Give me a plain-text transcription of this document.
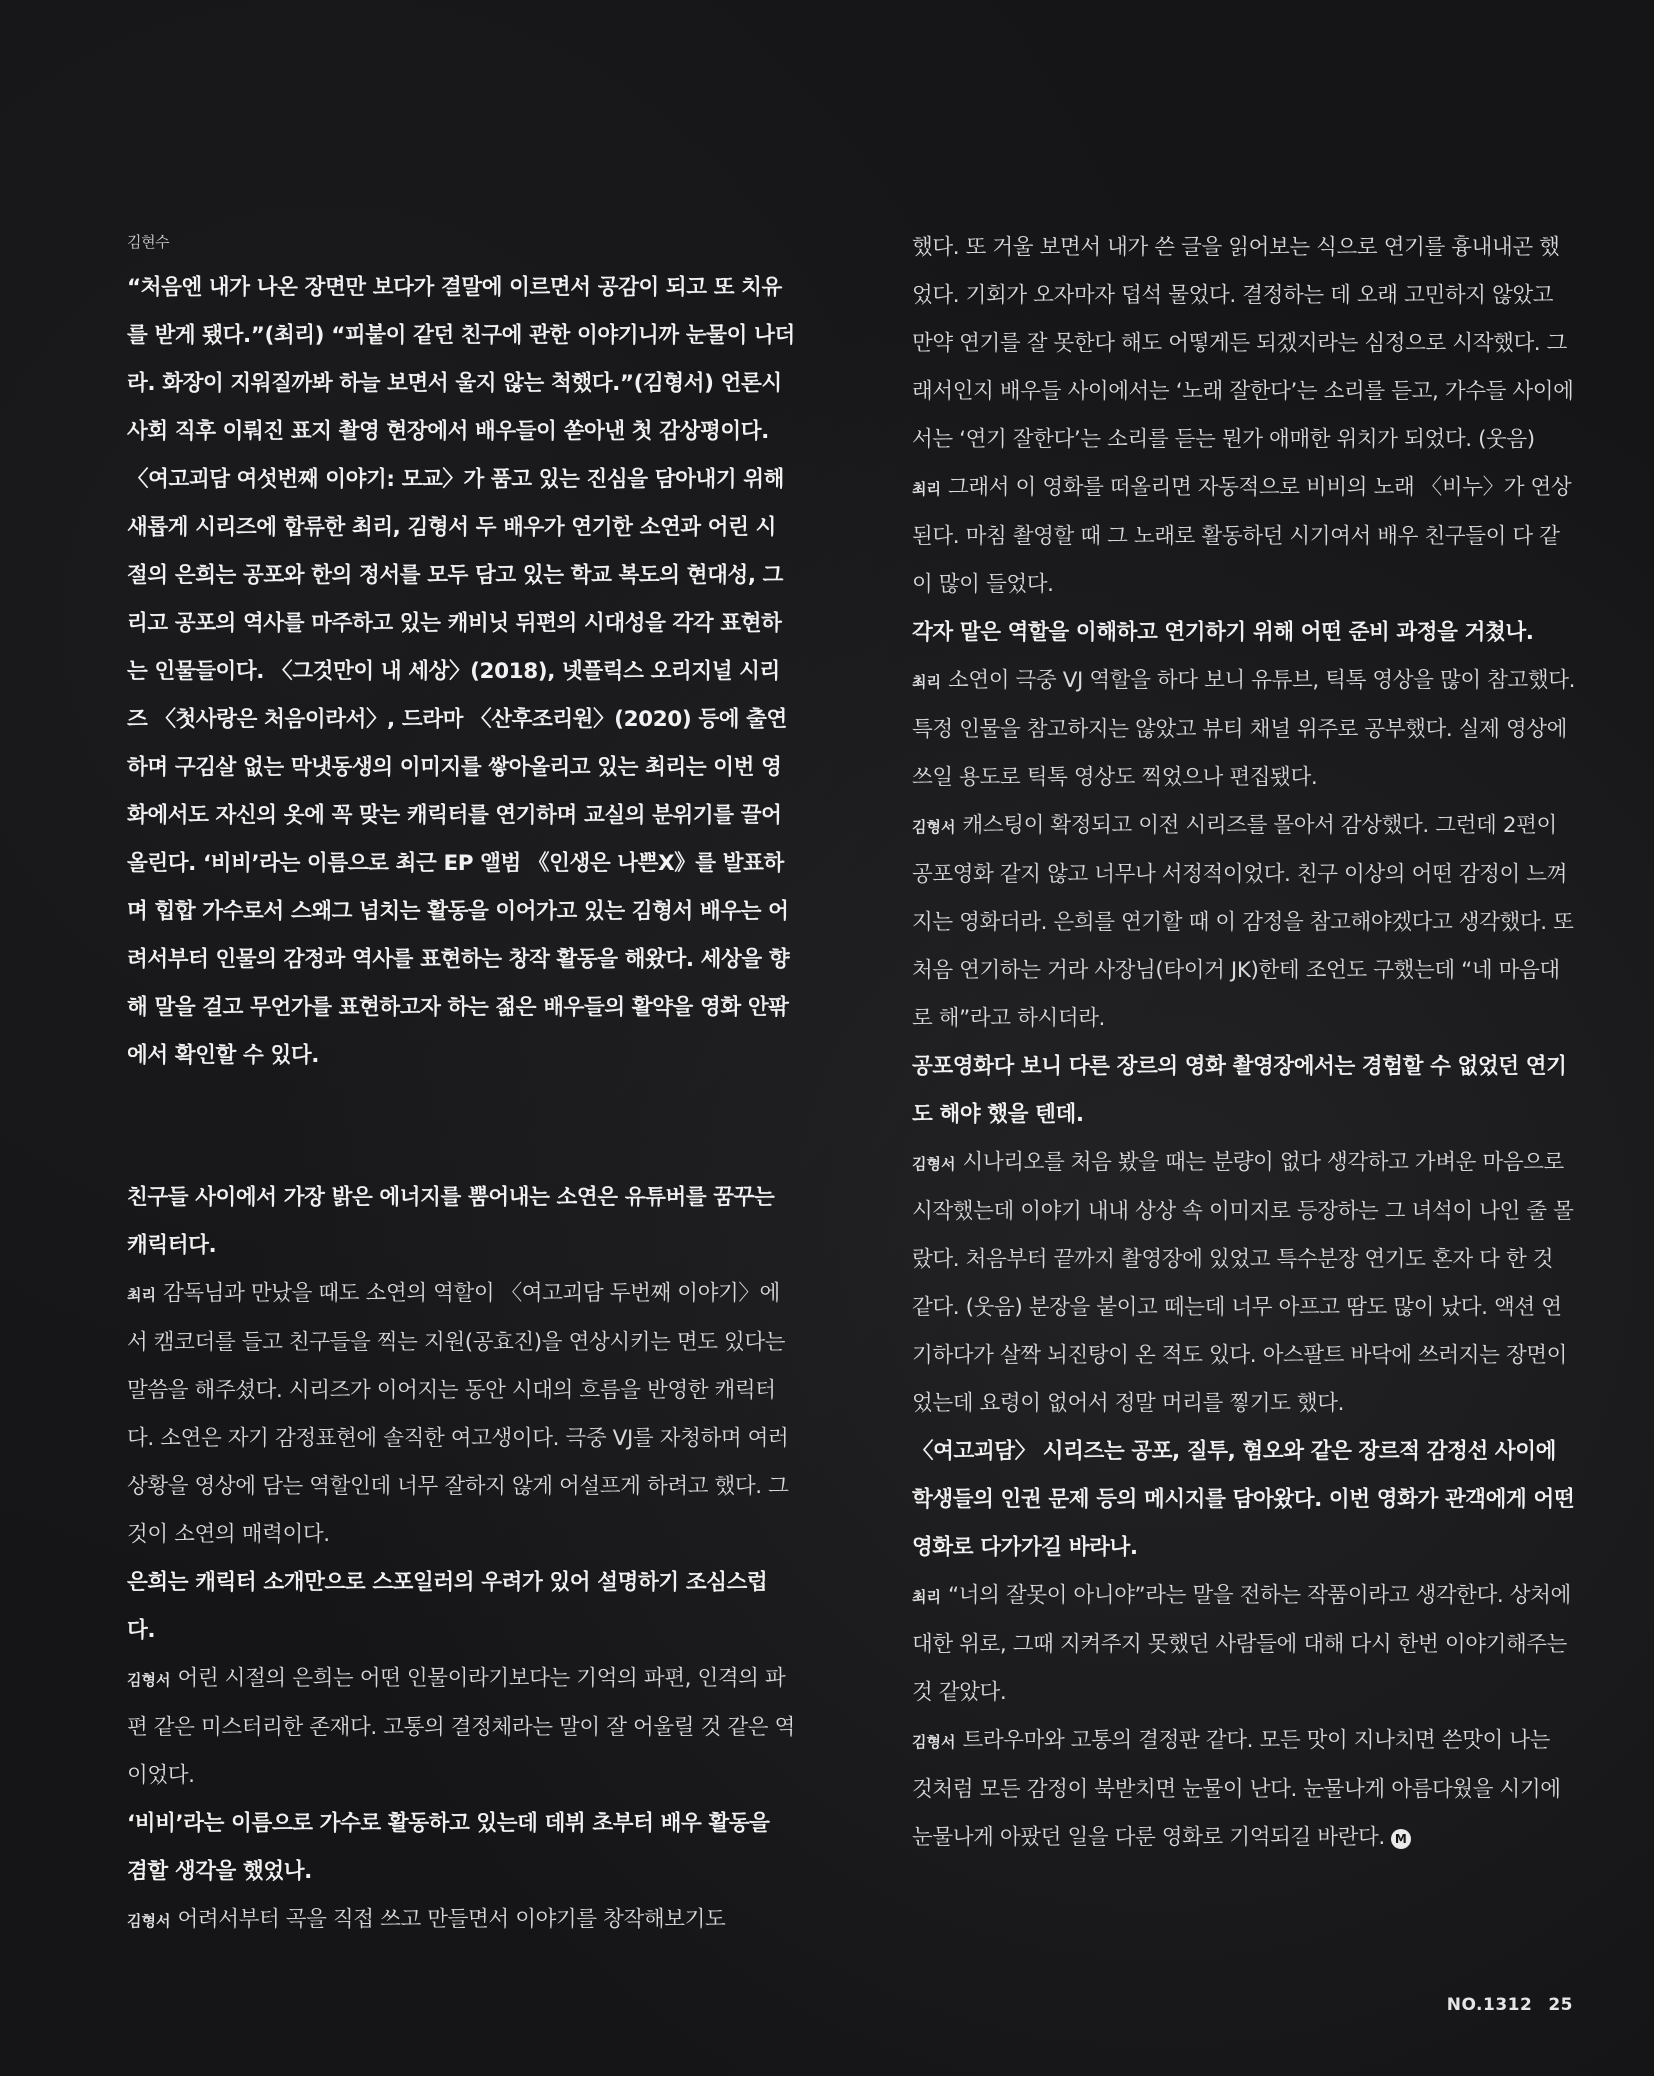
김현수

“처음엔 내가 나온 장면만 보다가 결말에 이르면서 공감이 되고 또 치유를 받게 됐다.”(최리) “피붙이 같던 친구에 관한 이야기니까 눈물이 나더라. 화장이 지워질까봐 하늘 보면서 울지 않는 척했다.”(김형서) 언론시사회 직후 이뤄진 표지 촬영 현장에서 배우들이 쏟아낸 첫 감상평이다. 〈여고괴담 여섯번째 이야기: 모교〉가 품고 있는 진심을 담아내기 위해 새롭게 시리즈에 합류한 최리, 김형서 두 배우가 연기한 소연과 어린 시절의 은희는 공포와 한의 정서를 모두 담고 있는 학교 복도의 현대성, 그리고 공포의 역사를 마주하고 있는 캐비닛 뒤편의 시대성을 각각 표현하는 인물들이다. 〈그것만이 내 세상〉(2018), 넷플릭스 오리지널 시리즈 〈첫사랑은 처음이라서〉, 드라마 〈산후조리원〉(2020) 등에 출연하며 구김살 없는 막냇동생의 이미지를 쌓아올리고 있는 최리는 이번 영화에서도 자신의 옷에 꼭 맞는 캐릭터를 연기하며 교실의 분위기를 끌어올린다. ‘비비’라는 이름으로 최근 EP 앨범 《인생은 나쁜X》를 발표하며 힙합 가수로서 스왜그 넘치는 활동을 이어가고 있는 김형서 배우는 어려서부터 인물의 감정과 역사를 표현하는 창작 활동을 해왔다. 세상을 향해 말을 걸고 무언가를 표현하고자 하는 젊은 배우들의 활약을 영화 안팎에서 확인할 수 있다.

친구들 사이에서 가장 밝은 에너지를 뿜어내는 소연은 유튜버를 꿈꾸는 캐릭터다.

최리 감독님과 만났을 때도 소연의 역할이 〈여고괴담 두번째 이야기〉에서 캠코더를 들고 친구들을 찍는 지원(공효진)을 연상시키는 면도 있다는 말씀을 해주셨다. 시리즈가 이어지는 동안 시대의 흐름을 반영한 캐릭터다. 소연은 자기 감정표현에 솔직한 여고생이다. 극중 VJ를 자청하며 여러 상황을 영상에 담는 역할인데 너무 잘하지 않게 어설프게 하려고 했다. 그것이 소연의 매력이다.

은희는 캐릭터 소개만으로 스포일러의 우려가 있어 설명하기 조심스럽다.

김형서 어린 시절의 은희는 어떤 인물이라기보다는 기억의 파편, 인격의 파편 같은 미스터리한 존재다. 고통의 결정체라는 말이 잘 어울릴 것 같은 역이었다.

‘비비’라는 이름으로 가수로 활동하고 있는데 데뷔 초부터 배우 활동을 겸할 생각을 했었나.

김형서 어려서부터 곡을 직접 쓰고 만들면서 이야기를 창작해보기도

했다. 또 거울 보면서 내가 쓴 글을 읽어보는 식으로 연기를 흉내내곤 했었다. 기회가 오자마자 덥석 물었다. 결정하는 데 오래 고민하지 않았고 만약 연기를 잘 못한다 해도 어떻게든 되겠지라는 심정으로 시작했다. 그래서인지 배우들 사이에서는 ‘노래 잘한다’는 소리를 듣고, 가수들 사이에서는 ‘연기 잘한다’는 소리를 듣는 뭔가 애매한 위치가 되었다. (웃음)

최리 그래서 이 영화를 떠올리면 자동적으로 비비의 노래 〈비누〉가 연상된다. 마침 촬영할 때 그 노래로 활동하던 시기여서 배우 친구들이 다 같이 많이 들었다.

각자 맡은 역할을 이해하고 연기하기 위해 어떤 준비 과정을 거쳤나.

최리 소연이 극중 VJ 역할을 하다 보니 유튜브, 틱톡 영상을 많이 참고했다. 특정 인물을 참고하지는 않았고 뷰티 채널 위주로 공부했다. 실제 영상에 쓰일 용도로 틱톡 영상도 찍었으나 편집됐다.

김형서 캐스팅이 확정되고 이전 시리즈를 몰아서 감상했다. 그런데 2편이 공포영화 같지 않고 너무나 서정적이었다. 친구 이상의 어떤 감정이 느껴지는 영화더라. 은희를 연기할 때 이 감정을 참고해야겠다고 생각했다. 또 처음 연기하는 거라 사장님(타이거 JK)한테 조언도 구했는데 “네 마음대로 해”라고 하시더라.

공포영화다 보니 다른 장르의 영화 촬영장에서는 경험할 수 없었던 연기도 해야 했을 텐데.

김형서 시나리오를 처음 봤을 때는 분량이 없다 생각하고 가벼운 마음으로 시작했는데 이야기 내내 상상 속 이미지로 등장하는 그 녀석이 나인 줄 몰랐다. 처음부터 끝까지 촬영장에 있었고 특수분장 연기도 혼자 다 한 것 같다. (웃음) 분장을 붙이고 떼는데 너무 아프고 땀도 많이 났다. 액션 연기하다가 살짝 뇌진탕이 온 적도 있다. 아스팔트 바닥에 쓰러지는 장면이었는데 요령이 없어서 정말 머리를 찧기도 했다.

〈여고괴담〉 시리즈는 공포, 질투, 혐오와 같은 장르적 감정선 사이에 학생들의 인권 문제 등의 메시지를 담아왔다. 이번 영화가 관객에게 어떤 영화로 다가가길 바라나.

최리 “너의 잘못이 아니야”라는 말을 전하는 작품이라고 생각한다. 상처에 대한 위로, 그때 지켜주지 못했던 사람들에 대해 다시 한번 이야기해주는 것 같았다.

김형서 트라우마와 고통의 결정판 같다. 모든 맛이 지나치면 쓴맛이 나는 것처럼 모든 감정이 북받치면 눈물이 난다. 눈물나게 아름다웠을 시기에 눈물나게 아팠던 일을 다룬 영화로 기억되길 바란다. M

NO.1312 25
